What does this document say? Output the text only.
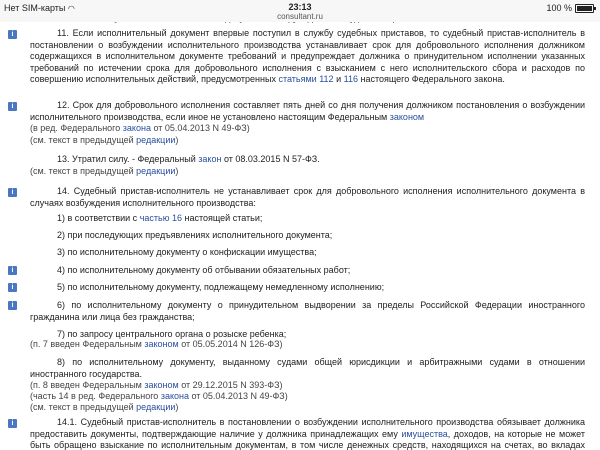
Нет SIM-карты ◠	23:13
consultant.ru
100 %
i	11. Если исполнительный документ впервые поступил в службу судебных приставов, то судебный пристав-исполнитель в постановлении о возбуждении исполнительного производства устанавливает срок для добровольного исполнения должником содержащихся в исполнительном документе требований и предупреждает должника о принудительном исполнении указанных требований по истечении срока для добровольного исполнения с взысканием с него исполнительского сбора и расходов по совершению исполнительных действий, предусмотренных статьями 112 и 116 настоящего Федерального закона.
i	12. Срок для добровольного исполнения составляет пять дней со дня получения должником постановления о возбуждении исполнительного производства, если иное не установлено настоящим Федеральным законом
(в ред. Федерального закона от 05.04.2013 N 49-ФЗ)
(см. текст в предыдущей редакции)
13. Утратил силу. - Федеральный закон от 08.03.2015 N 57-ФЗ.
(см. текст в предыдущей редакции)
i	14. Судебный пристав-исполнитель не устанавливает срок для добровольного исполнения исполнительного документа в случаях возбуждения исполнительного производства:
1) в соответствии с частью 16 настоящей статьи;
2) при последующих предъявлениях исполнительного документа;
3) по исполнительному документу о конфискации имущества;
i	4) по исполнительному документу об отбывании обязательных работ;
i	5) по исполнительному документу, подлежащему немедленному исполнению;
i	6) по исполнительному документу о принудительном выдворении за пределы Российской Федерации иностранного гражданина или лица без гражданства;
7) по запросу центрального органа о розыске ребенка;
(п. 7 введен Федеральным законом от 05.05.2014 N 126-ФЗ)
8) по исполнительному документу, выданному судами общей юрисдикции и арбитражными судами в отношении иностранного государства.
(п. 8 введен Федеральным законом от 29.12.2015 N 393-ФЗ)
(часть 14 в ред. Федерального закона от 05.04.2013 N 49-ФЗ)
(см. текст в предыдущей редакции)
i	14.1. Судебный пристав-исполнитель в постановлении о возбуждении исполнительного производства обязывает должника предоставить документы, подтверждающие наличие у должника принадлежащих ему имущества, доходов, на которые не может быть обращено взыскание по исполнительным документам, в том числе денежных средств, находящихся на счетах, во вкладах
